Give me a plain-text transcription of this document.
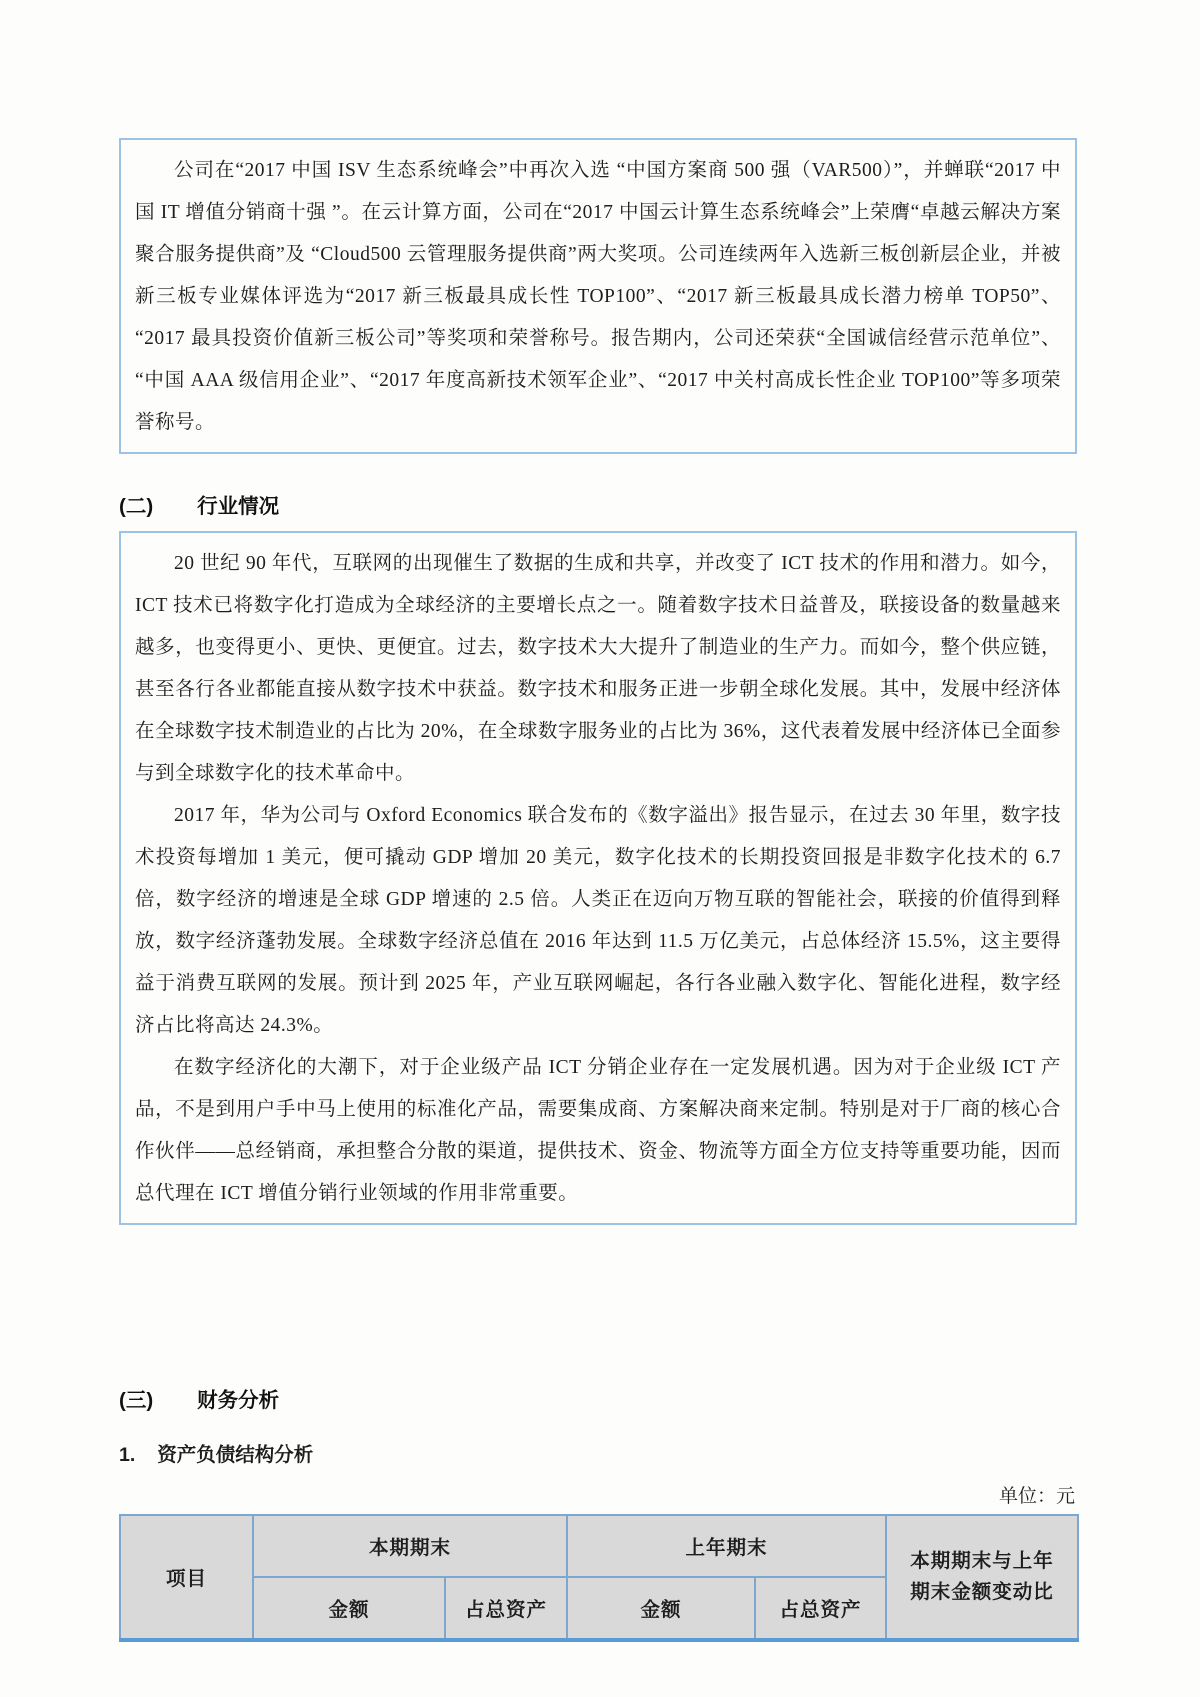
公司在“2017 中国 ISV 生态系统峰会”中再次入选 “中国方案商 500 强（VAR500）”，并蝉联“2017 中国 IT 增值分销商十强 ”。在云计算方面，公司在“2017 中国云计算生态系统峰会”上荣膺“卓越云解决方案聚合服务提供商”及 “Cloud500 云管理服务提供商”两大奖项。公司连续两年入选新三板创新层企业，并被新三板专业媒体评选为“2017 新三板最具成长性 TOP100”、“2017 新三板最具成长潜力榜单 TOP50”、“2017 最具投资价值新三板公司”等奖项和荣誉称号。报告期内，公司还荣获“全国诚信经营示范单位”、“中国 AAA 级信用企业”、“2017 年度高新技术领军企业”、“2017 中关村高成长性企业 TOP100”等多项荣誉称号。

(二) 行业情况

20 世纪 90 年代，互联网的出现催生了数据的生成和共享，并改变了 ICT 技术的作用和潜力。如今，ICT 技术已将数字化打造成为全球经济的主要增长点之一。随着数字技术日益普及，联接设备的数量越来越多，也变得更小、更快、更便宜。过去，数字技术大大提升了制造业的生产力。而如今，整个供应链，甚至各行各业都能直接从数字技术中获益。数字技术和服务正进一步朝全球化发展。其中，发展中经济体在全球数字技术制造业的占比为 20%，在全球数字服务业的占比为 36%，这代表着发展中经济体已全面参与到全球数字化的技术革命中。

2017 年，华为公司与 Oxford Economics 联合发布的《数字溢出》报告显示，在过去 30 年里，数字技术投资每增加 1 美元，便可撬动 GDP 增加 20 美元，数字化技术的长期投资回报是非数字化技术的 6.7 倍，数字经济的增速是全球 GDP 增速的 2.5 倍。人类正在迈向万物互联的智能社会，联接的价值得到释放，数字经济蓬勃发展。全球数字经济总值在 2016 年达到 11.5 万亿美元，占总体经济 15.5%，这主要得益于消费互联网的发展。预计到 2025 年，产业互联网崛起，各行各业融入数字化、智能化进程，数字经济占比将高达 24.3%。

在数字经济化的大潮下，对于企业级产品 ICT 分销企业存在一定发展机遇。因为对于企业级 ICT 产品，不是到用户手中马上使用的标准化产品，需要集成商、方案解决商来定制。特别是对于厂商的核心合作伙伴——总经销商，承担整合分散的渠道，提供技术、资金、物流等方面全方位支持等重要功能，因而总代理在 ICT 增值分销行业领域的作用非常重要。

(三) 财务分析
1. 资产负债结构分析
单位：元
项目	本期期末		上年期末		本期期末与上年
期末金额变动比

	金额	占总资产	金额	占总资产	
